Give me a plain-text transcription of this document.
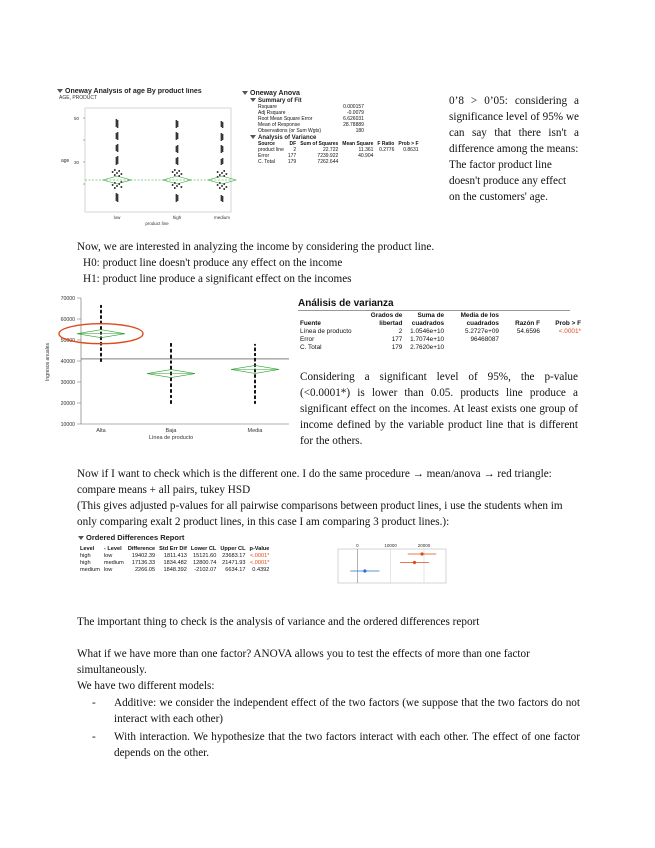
Oneway Analysis of age By product lines
AGE, PRODUCT
50
30
age
low	high	medium
product line
Oneway Anova
Summary of Fit
Rsquare	0.000157
Adj Rsquare	-0.0079
Root Mean Square Error	6.626031
Mean of Response	28.78889
Observations (or Sum Wgts)	180
Analysis of Variance
Source	DF	Sum of Squares	Mean Square	F Ratio	Prob > F
product line	2	22.722	11.361	0.2776	0.8631
Error	177	7239.922	40.904		
C. Total	179	7262.644			
0’8 > 0’05: considering a significance level of 95% we can say that there isn't a difference among the means:
The factor product line doesn't produce any effect on the customers' age.
Now, we are interested in analyzing the income by considering the product line.
H0: product line doesn't produce any effect on the income
H1: product line produce a significant effect on the incomes
70000
60000
50000
40000
30000
20000
10000
Ingresos anuales
Alta	Baja	Media
Línea de producto
Análisis de varianza
Fuente	Grados de libertad	Suma de cuadrados	Media de los cuadrados	Razón F	Prob > F
Línea de producto	2	1.0546e+10	5.2727e+09	54.6596	<.0001*
Error	177	1.7074e+10	96468087		
C. Total	179	2.7620e+10			
Considering a significant level of 95%, the p-value (<0.0001*) is lower than 0.05. products line produce a significant effect on the incomes. At least exists one group of income defined by the variable product line that is different for the others.
Now if I want to check which is the different one. I do the same procedure → mean/anova → red triangle: compare means + all pairs, tukey HSD
(This gives adjusted p-values for all pairwise comparisons between product lines, i use the students when im only comparing exalt 2 product lines, in this case I am comparing 3 product lines.):
Ordered Differences Report
Level	- Level	Difference	Std Err Dif	Lower CL	Upper CL	p-Value
high	low	19402.39	1811.413	15121.60	23683.17	<.0001*
high	medium	17136.33	1834.482	12800.74	21471.93	<.0001*
medium	low	2266.05	1848.392	-2102.07	6634.17	0.4392
0	10000	20000
The important thing to check is the analysis of variance and the ordered differences report
What if we have more than one factor? ANOVA allows you to test the effects of more than one factor simultaneously.
We have two different models:
- Additive: we consider the independent effect of the two factors (we suppose that the two factors do not interact with each other)
- With interaction. We hypothesize that the two factors interact with each other. The effect of one factor depends on the other.
